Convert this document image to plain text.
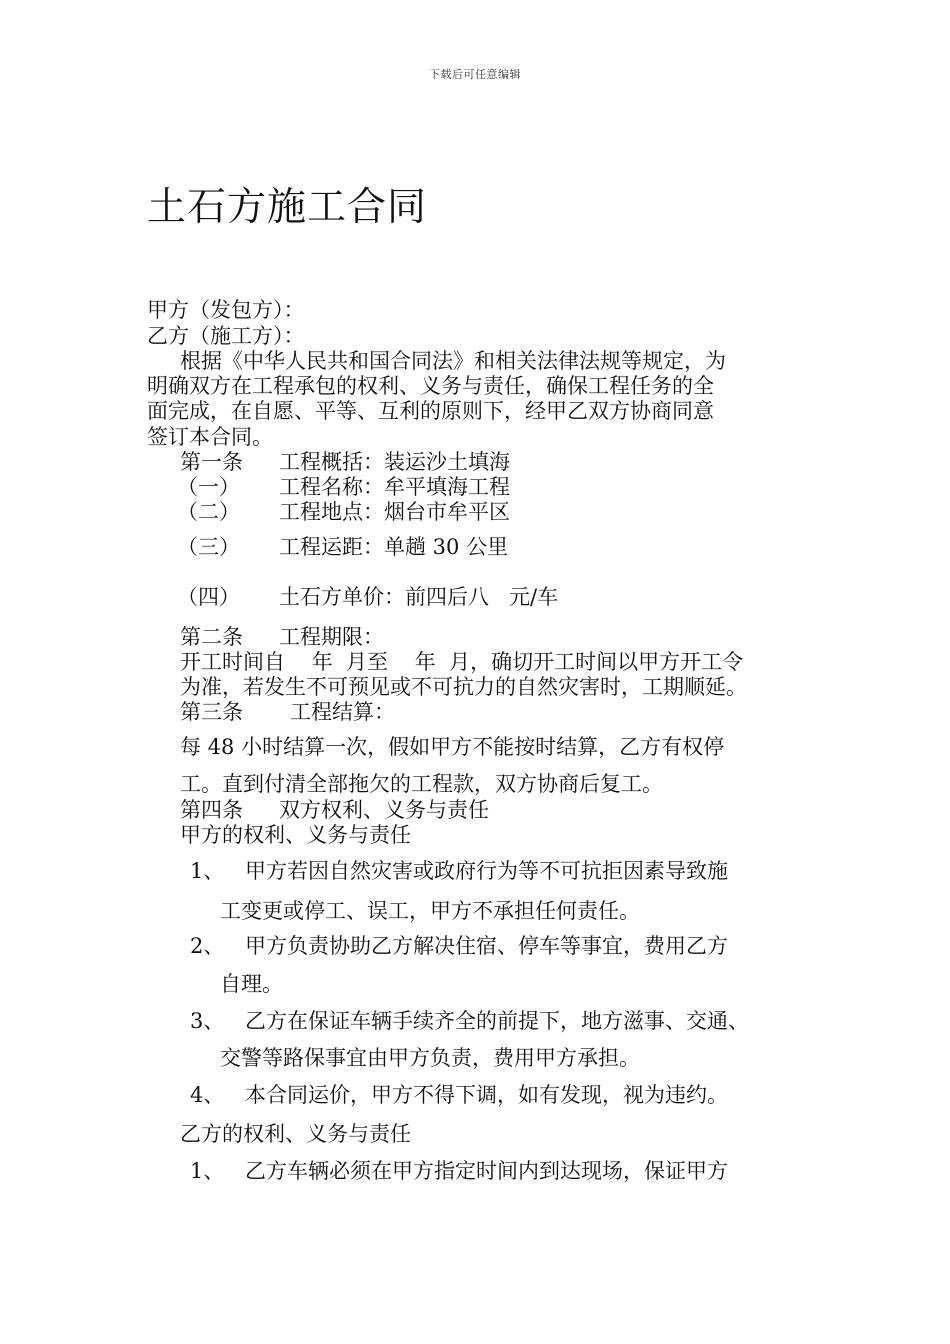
下载后可任意编辑
土石方施工合同
甲方（发包方）：
乙方（施工方）：
根据《中华人民共和国合同法》和相关法律法规等规定，为
明确双方在工程承包的权利、义务与责任，确保工程任务的全
面完成，在自愿、平等、互利的原则下，经甲乙双方协商同意
签订本合同。
第一条 工程概括：装运沙土填海
（一） 工程名称：牟平填海工程
（二） 工程地点：烟台市牟平区
（三） 工程运距：单趟 30 公里
（四） 土石方单价：前四后八   元/车
第二条 工程期限：
开工时间自    年  月至    年  月，确切开工时间以甲方开工令
为准，若发生不可预见或不可抗力的自然灾害时，工期顺延。
第三条 工程结算：
每 48 小时结算一次，假如甲方不能按时结算，乙方有权停
工。直到付清全部拖欠的工程款，双方协商后复工。
第四条 双方权利、义务与责任
甲方的权利、义务与责任
1、 甲方若因自然灾害或政府行为等不可抗拒因素导致施
工变更或停工、误工，甲方不承担任何责任。
2、 甲方负责协助乙方解决住宿、停车等事宜，费用乙方
自理。
3、 乙方在保证车辆手续齐全的前提下，地方滋事、交通、
交警等路保事宜由甲方负责，费用甲方承担。
4、 本合同运价，甲方不得下调，如有发现，视为违约。
乙方的权利、义务与责任
1、 乙方车辆必须在甲方指定时间内到达现场，保证甲方
